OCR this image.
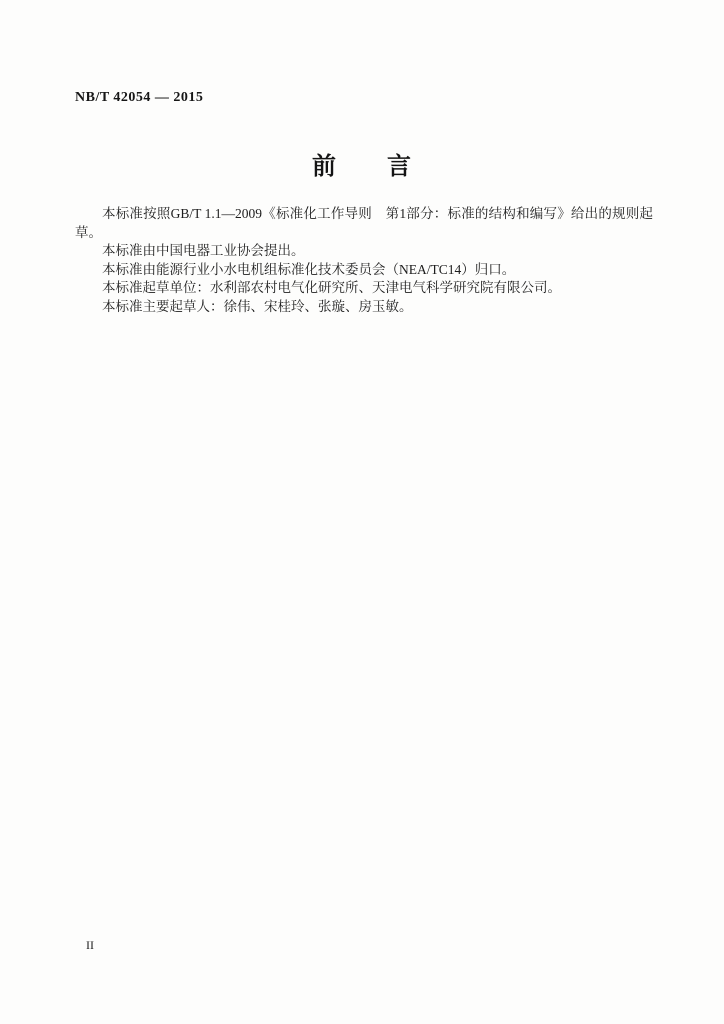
NB/T 42054 — 2015
前　　言

本标准按照GB/T 1.1—2009《标准化工作导则　第1部分：标准的结构和编写》给出的规则起草。

本标准由中国电器工业协会提出。

本标准由能源行业小水电机组标准化技术委员会（NEA/TC14）归口。

本标准起草单位：水利部农村电气化研究所、天津电气科学研究院有限公司。

本标准主要起草人：徐伟、宋桂玲、张璇、房玉敏。

II
